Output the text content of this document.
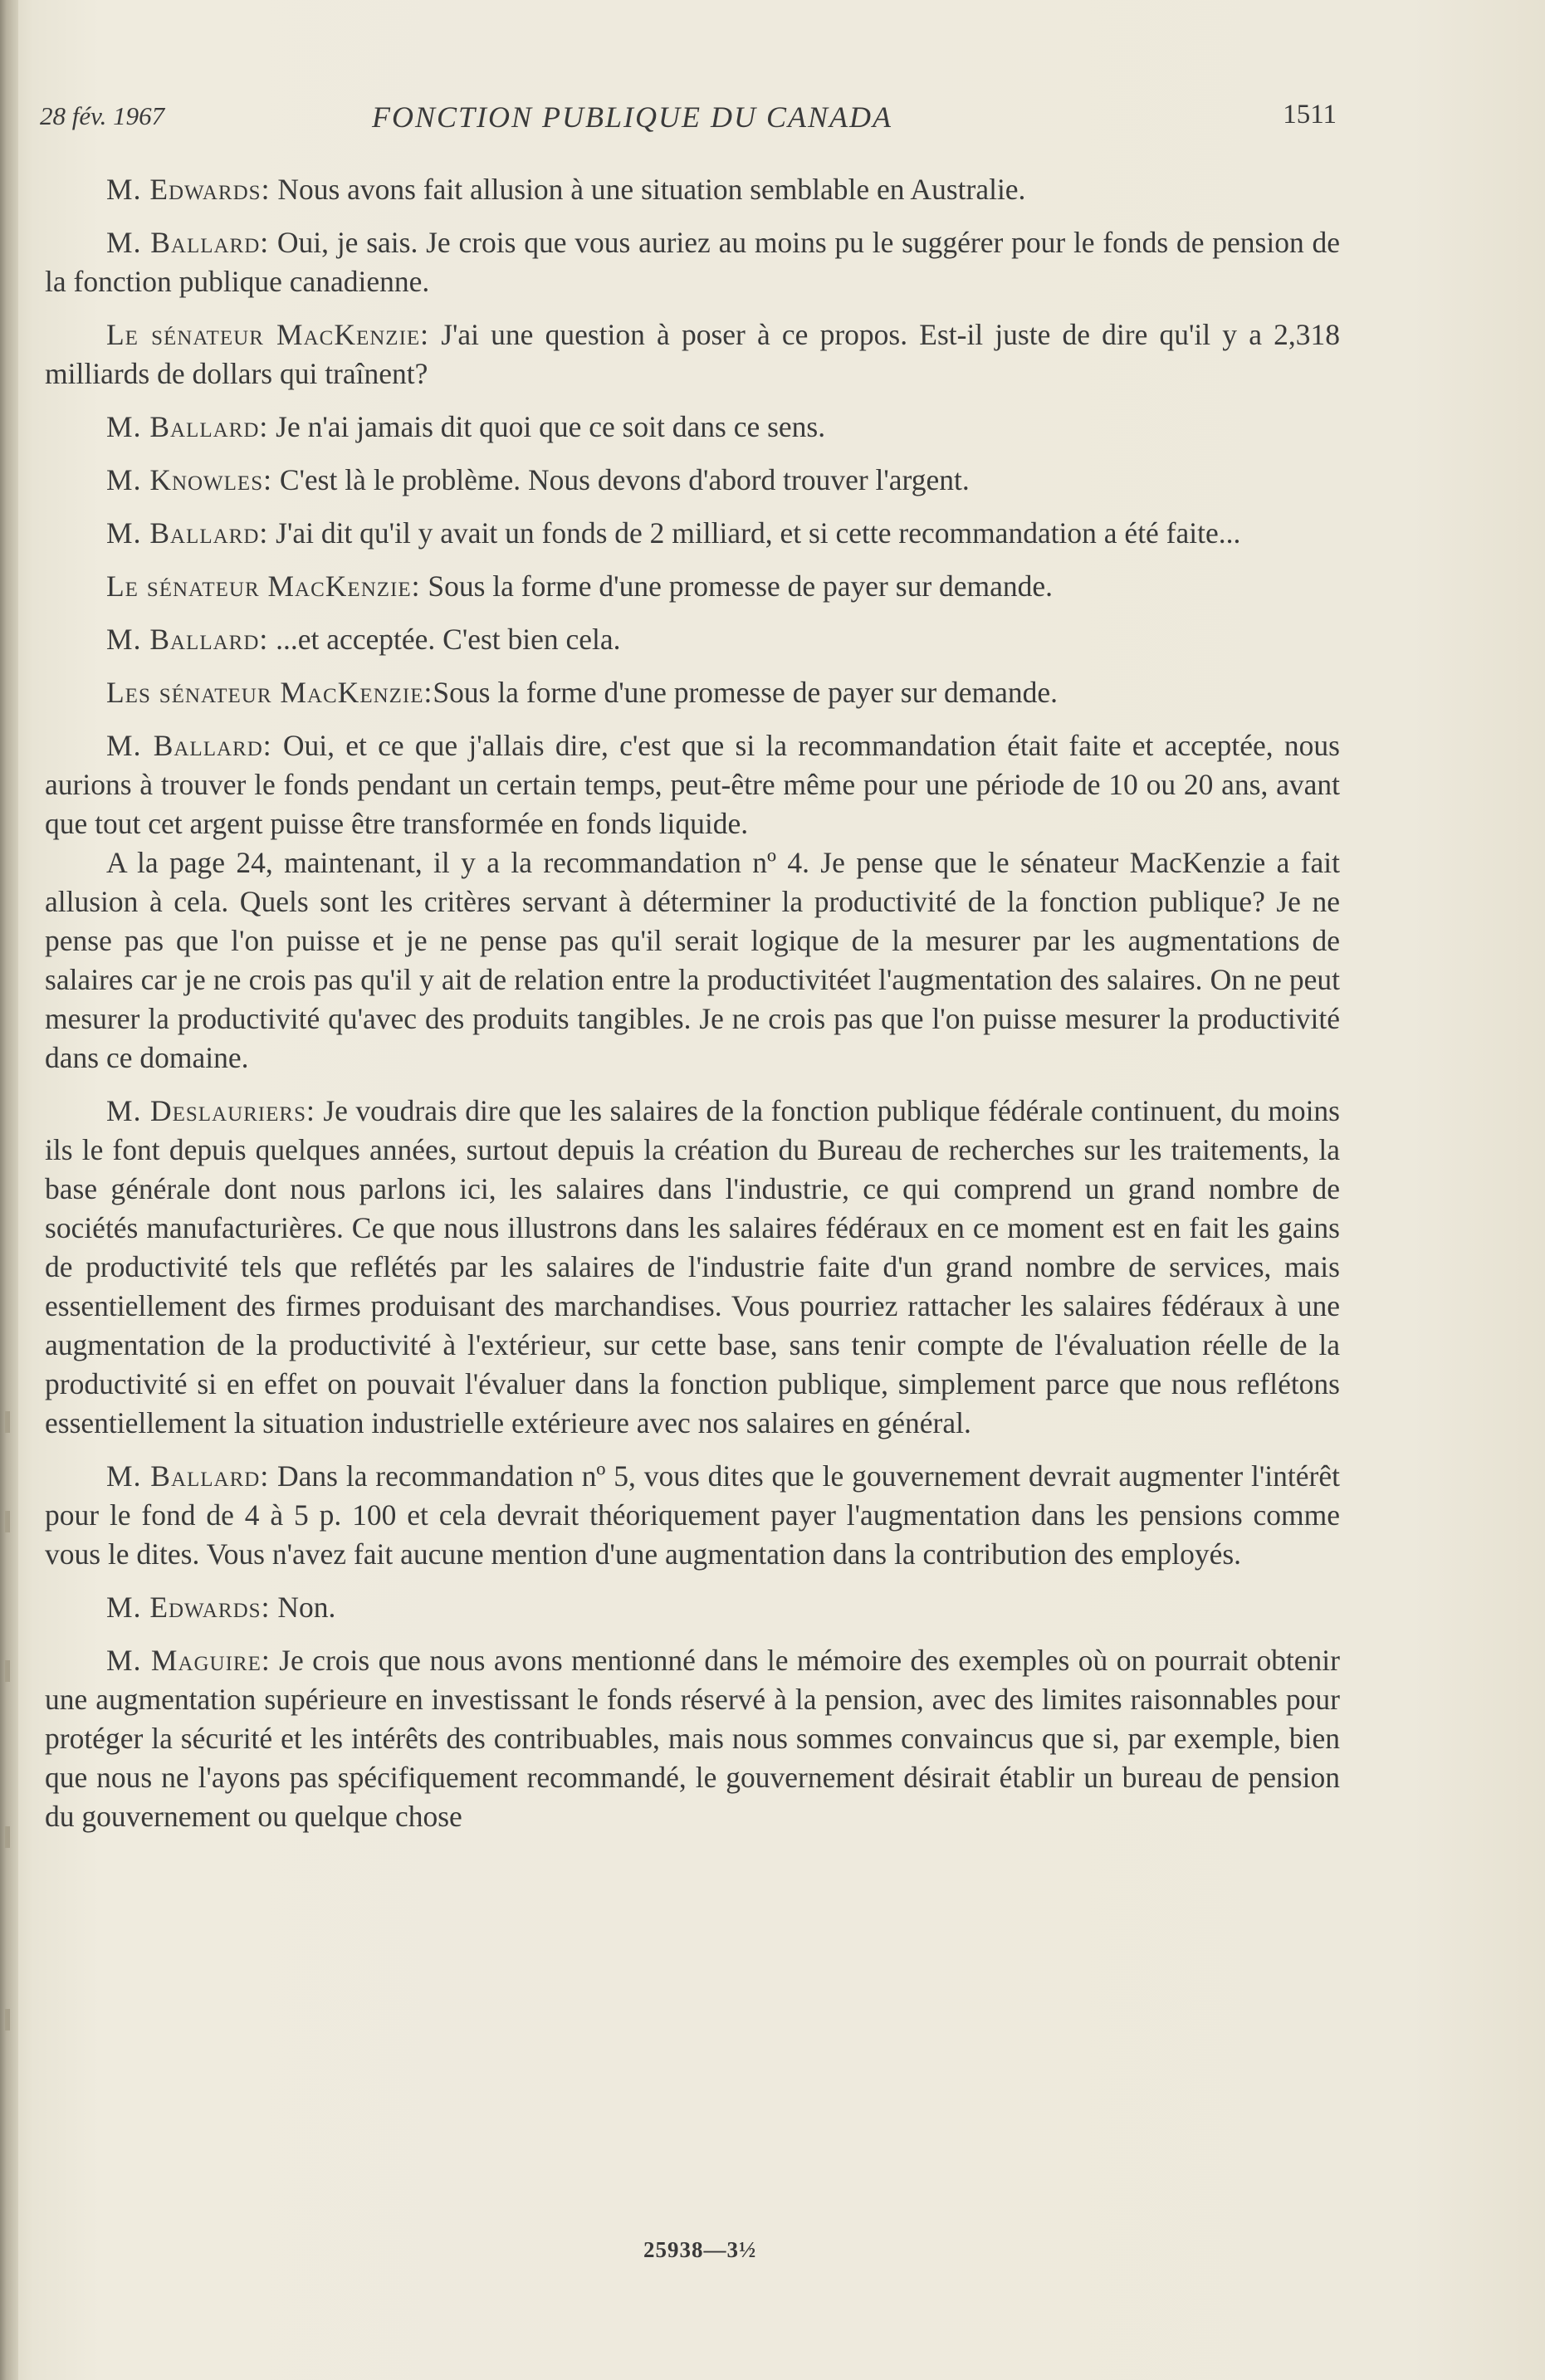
28 fév. 1967	FONCTION PUBLIQUE DU CANADA	1511

M. Edwards: Nous avons fait allusion à une situation semblable en Australie.

M. Ballard: Oui, je sais. Je crois que vous auriez au moins pu le suggérer pour le fonds de pension de la fonction publique canadienne.

Le sénateur MacKenzie: J'ai une question à poser à ce propos. Est-il juste de dire qu'il y a 2,318 milliards de dollars qui traînent?

M. Ballard: Je n'ai jamais dit quoi que ce soit dans ce sens.

M. Knowles: C'est là le problème. Nous devons d'abord trouver l'argent.

M. Ballard: J'ai dit qu'il y avait un fonds de 2 milliard, et si cette recommandation a été faite...

Le sénateur MacKenzie: Sous la forme d'une promesse de payer sur demande.

M. Ballard: ...et acceptée. C'est bien cela.

Les sénateur MacKenzie:Sous la forme d'une promesse de payer sur demande.

M. Ballard: Oui, et ce que j'allais dire, c'est que si la recommandation était faite et acceptée, nous aurions à trouver le fonds pendant un certain temps, peut-être même pour une période de 10 ou 20 ans, avant que tout cet argent puisse être transformée en fonds liquide.

A la page 24, maintenant, il y a la recommandation nº 4. Je pense que le sénateur MacKenzie a fait allusion à cela. Quels sont les critères servant à déterminer la productivité de la fonction publique? Je ne pense pas que l'on puisse et je ne pense pas qu'il serait logique de la mesurer par les augmentations de salaires car je ne crois pas qu'il y ait de relation entre la productivitéet l'augmentation des salaires. On ne peut mesurer la productivité qu'avec des produits tangibles. Je ne crois pas que l'on puisse mesurer la productivité dans ce domaine.

M. Deslauriers: Je voudrais dire que les salaires de la fonction publique fédérale continuent, du moins ils le font depuis quelques années, surtout depuis la création du Bureau de recherches sur les traitements, la base générale dont nous parlons ici, les salaires dans l'industrie, ce qui comprend un grand nombre de sociétés manufacturières. Ce que nous illustrons dans les salaires fédéraux en ce moment est en fait les gains de productivité tels que reflétés par les salaires de l'industrie faite d'un grand nombre de services, mais essentiellement des firmes produisant des marchandises. Vous pourriez rattacher les salaires fédéraux à une augmentation de la productivité à l'extérieur, sur cette base, sans tenir compte de l'évaluation réelle de la productivité si en effet on pouvait l'évaluer dans la fonction publique, simplement parce que nous reflétons essentiellement la situation industrielle extérieure avec nos salaires en général.

M. Ballard: Dans la recommandation nº 5, vous dites que le gouvernement devrait augmenter l'intérêt pour le fond de 4 à 5 p. 100 et cela devrait théoriquement payer l'augmentation dans les pensions comme vous le dites. Vous n'avez fait aucune mention d'une augmentation dans la contribution des employés.

M. Edwards: Non.

M. Maguire: Je crois que nous avons mentionné dans le mémoire des exemples où on pourrait obtenir une augmentation supérieure en investissant le fonds réservé à la pension, avec des limites raisonnables pour protéger la sécurité et les intérêts des contribuables, mais nous sommes convaincus que si, par exemple, bien que nous ne l'ayons pas spécifiquement recommandé, le gouvernement désirait établir un bureau de pension du gouvernement ou quelque chose

25938—3½
